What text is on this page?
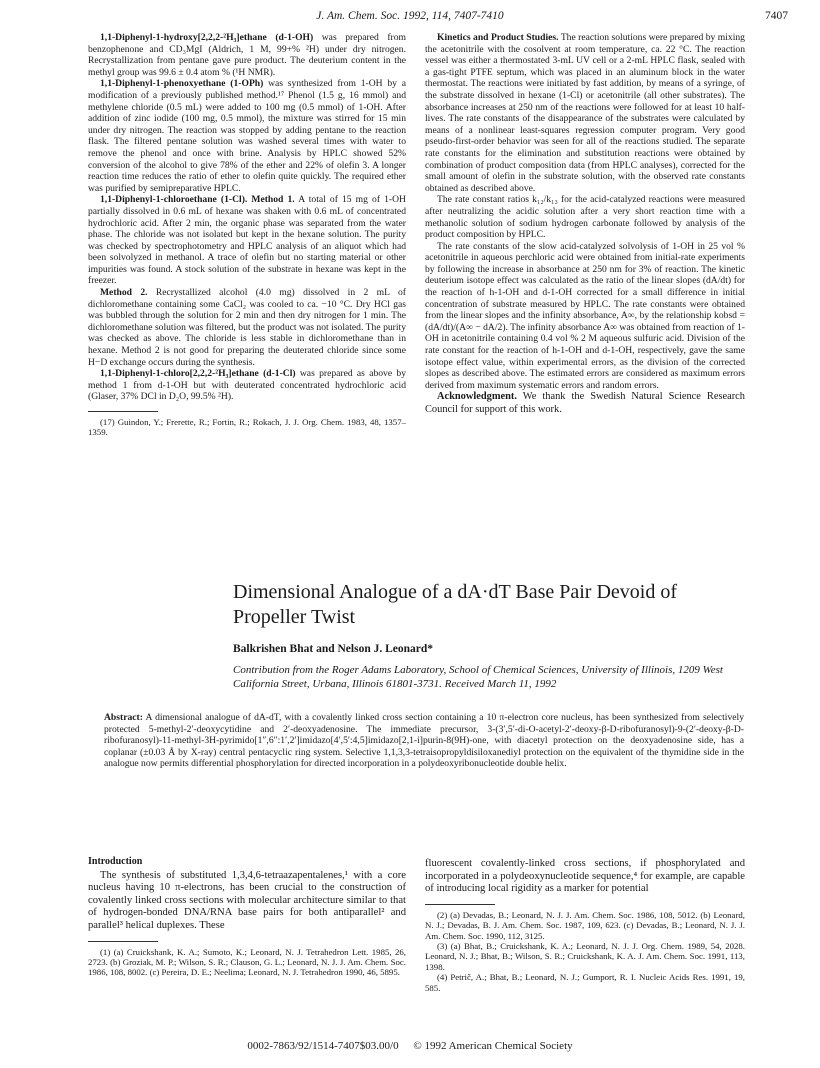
J. Am. Chem. Soc. 1992, 114, 7407-7410	7407

1,1-Diphenyl-1-hydroxy[2,2,2-²H₃]ethane (d-1-OH) was prepared from benzophenone and CD₃MgI (Aldrich, 1 M, 99+% ²H) under dry nitrogen. Recrystallization from pentane gave pure product. The deuterium content in the methyl group was 99.6 ± 0.4 atom % (¹H NMR).

1,1-Diphenyl-1-phenoxyethane (1-OPh) was synthesized from 1-OH by a modification of a previously published method.¹⁷ Phenol (1.5 g, 16 mmol) and methylene chloride (0.5 mL) were added to 100 mg (0.5 mmol) of 1-OH. After addition of zinc iodide (100 mg, 0.5 mmol), the mixture was stirred for 15 min under dry nitrogen. The reaction was stopped by adding pentane to the reaction flask. The filtered pentane solution was washed several times with water to remove the phenol and once with brine. Analysis by HPLC showed 52% conversion of the alcohol to give 78% of the ether and 22% of olefin 3. A longer reaction time reduces the ratio of ether to olefin quite quickly. The required ether was purified by semipreparative HPLC.

1,1-Diphenyl-1-chloroethane (1-Cl). Method 1. A total of 15 mg of 1-OH partially dissolved in 0.6 mL of hexane was shaken with 0.6 mL of concentrated hydrochloric acid. After 2 min, the organic phase was separated from the water phase. The chloride was not isolated but kept in the hexane solution. The purity was checked by spectrophotometry and HPLC analysis of an aliquot which had been solvolyzed in methanol. A trace of olefin but no starting material or other impurities was found. A stock solution of the substrate in hexane was kept in the freezer.

Method 2. Recrystallized alcohol (4.0 mg) dissolved in 2 mL of dichloromethane containing some CaCl₂ was cooled to ca. −10 °C. Dry HCl gas was bubbled through the solution for 2 min and then dry nitrogen for 1 min. The dichloromethane solution was filtered, but the product was not isolated. The purity was checked as above. The chloride is less stable in dichloromethane than in hexane. Method 2 is not good for preparing the deuterated chloride since some H−D exchange occurs during the synthesis.

1,1-Diphenyl-1-chloro[2,2,2-²H₃]ethane (d-1-Cl) was prepared as above by method 1 from d-1-OH but with deuterated concentrated hydrochloric acid (Glaser, 37% DCl in D₂O, 99.5% ²H).

(17) Guindon, Y.; Frerette, R.; Fortin, R.; Rokach, J. J. Org. Chem. 1983, 48, 1357–1359.

Kinetics and Product Studies. The reaction solutions were prepared by mixing the acetonitrile with the cosolvent at room temperature, ca. 22 °C. The reaction vessel was either a thermostated 3-mL UV cell or a 2-mL HPLC flask, sealed with a gas-tight PTFE septum, which was placed in an aluminum block in the water thermostat. The reactions were initiated by fast addition, by means of a syringe, of the substrate dissolved in hexane (1-Cl) or acetonitrile (all other substrates). The absorbance increases at 250 nm of the reactions were followed for at least 10 half-lives. The rate constants of the disappearance of the substrates were calculated by means of a nonlinear least-squares regression computer program. Very good pseudo-first-order behavior was seen for all of the reactions studied. The separate rate constants for the elimination and substitution reactions were obtained by combination of product composition data (from HPLC analyses), corrected for the small amount of olefin in the substrate solution, with the observed rate constants obtained as described above.

The rate constant ratios k₁₂/k₁₃ for the acid-catalyzed reactions were measured after neutralizing the acidic solution after a very short reaction time with a methanolic solution of sodium hydrogen carbonate followed by analysis of the product composition by HPLC.

The rate constants of the slow acid-catalyzed solvolysis of 1-OH in 25 vol % acetonitrile in aqueous perchloric acid were obtained from initial-rate experiments by following the increase in absorbance at 250 nm for 3% of reaction. The kinetic deuterium isotope effect was calculated as the ratio of the linear slopes (dA/dt) for the reaction of h-1-OH and d-1-OH corrected for a small difference in initial concentration of substrate measured by HPLC. The rate constants were obtained from the linear slopes and the infinity absorbance, A∞, by the relationship kobsd = (dA/dt)/(A∞ − dA/2). The infinity absorbance A∞ was obtained from reaction of 1-OH in acetonitrile containing 0.4 vol % 2 M aqueous sulfuric acid. Division of the rate constant for the reaction of h-1-OH and d-1-OH, respectively, gave the same isotope effect value, within experimental errors, as the division of the corrected slopes as described above. The estimated errors are considered as maximum errors derived from maximum systematic errors and random errors.

Acknowledgment. We thank the Swedish Natural Science Research Council for support of this work.

Dimensional Analogue of a dA·dT Base Pair Devoid of Propeller Twist
Balkrishen Bhat and Nelson J. Leonard*
Contribution from the Roger Adams Laboratory, School of Chemical Sciences, University of Illinois, 1209 West California Street, Urbana, Illinois 61801-3731. Received March 11, 1992
Abstract: A dimensional analogue of dA-dT, with a covalently linked cross section containing a 10 π-electron core nucleus, has been synthesized from selectively protected 5-methyl-2′-deoxycytidine and 2′-deoxyadenosine. The immediate precursor, 3-(3′,5′-di-O-acetyl-2′-deoxy-β-D-ribofuranosyl)-9-(2′-deoxy-β-D-ribofuranosyl)-11-methyl-3H-pyrimido[1″,6″:1′,2′]imidazo[4′,5′:4,5]imidazo[2,1-i]purin-8(9H)-one, with diacetyl protection on the deoxyadenosine side, has a coplanar (±0.03 Å by X-ray) central pentacyclic ring system. Selective 1,1,3,3-tetraisopropyldisiloxanediyl protection on the equivalent of the thymidine side in the analogue now permits differential phosphorylation for directed incorporation in a polydeoxyribonucleotide double helix.
Introduction

The synthesis of substituted 1,3,4,6-tetraazapentalenes,¹ with a core nucleus having 10 π-electrons, has been crucial to the construction of covalently linked cross sections with molecular architecture similar to that of hydrogen-bonded DNA/RNA base pairs for both antiparallel² and parallel³ helical duplexes. These

(1) (a) Cruickshank, K. A.; Sumoto, K.; Leonard, N. J. Tetrahedron Lett. 1985, 26, 2723. (b) Groziak, M. P.; Wilson, S. R.; Clauson, G. L.; Leonard, N. J. J. Am. Chem. Soc. 1986, 108, 8002. (c) Pereira, D. E.; Neelima; Leonard, N. J. Tetrahedron 1990, 46, 5895.

fluorescent covalently-linked cross sections, if phosphorylated and incorporated in a polydeoxynucleotide sequence,⁴ for example, are capable of introducing local rigidity as a marker for potential

(2) (a) Devadas, B.; Leonard, N. J. J. Am. Chem. Soc. 1986, 108, 5012. (b) Leonard, N. J.; Devadas, B. J. Am. Chem. Soc. 1987, 109, 623. (c) Devadas, B.; Leonard, N. J. J. Am. Chem. Soc. 1990, 112, 3125.

(3) (a) Bhat, B.; Cruickshank, K. A.; Leonard, N. J. J. Org. Chem. 1989, 54, 2028. Leonard, N. J.; Bhat, B.; Wilson, S. R.; Cruickshank, K. A. J. Am. Chem. Soc. 1991, 113, 1398.

(4) Petrič, A.; Bhat, B.; Leonard, N. J.; Gumport, R. I. Nucleic Acids Res. 1991, 19, 585.

0002-7863/92/1514-7407$03.00/0 © 1992 American Chemical Society
